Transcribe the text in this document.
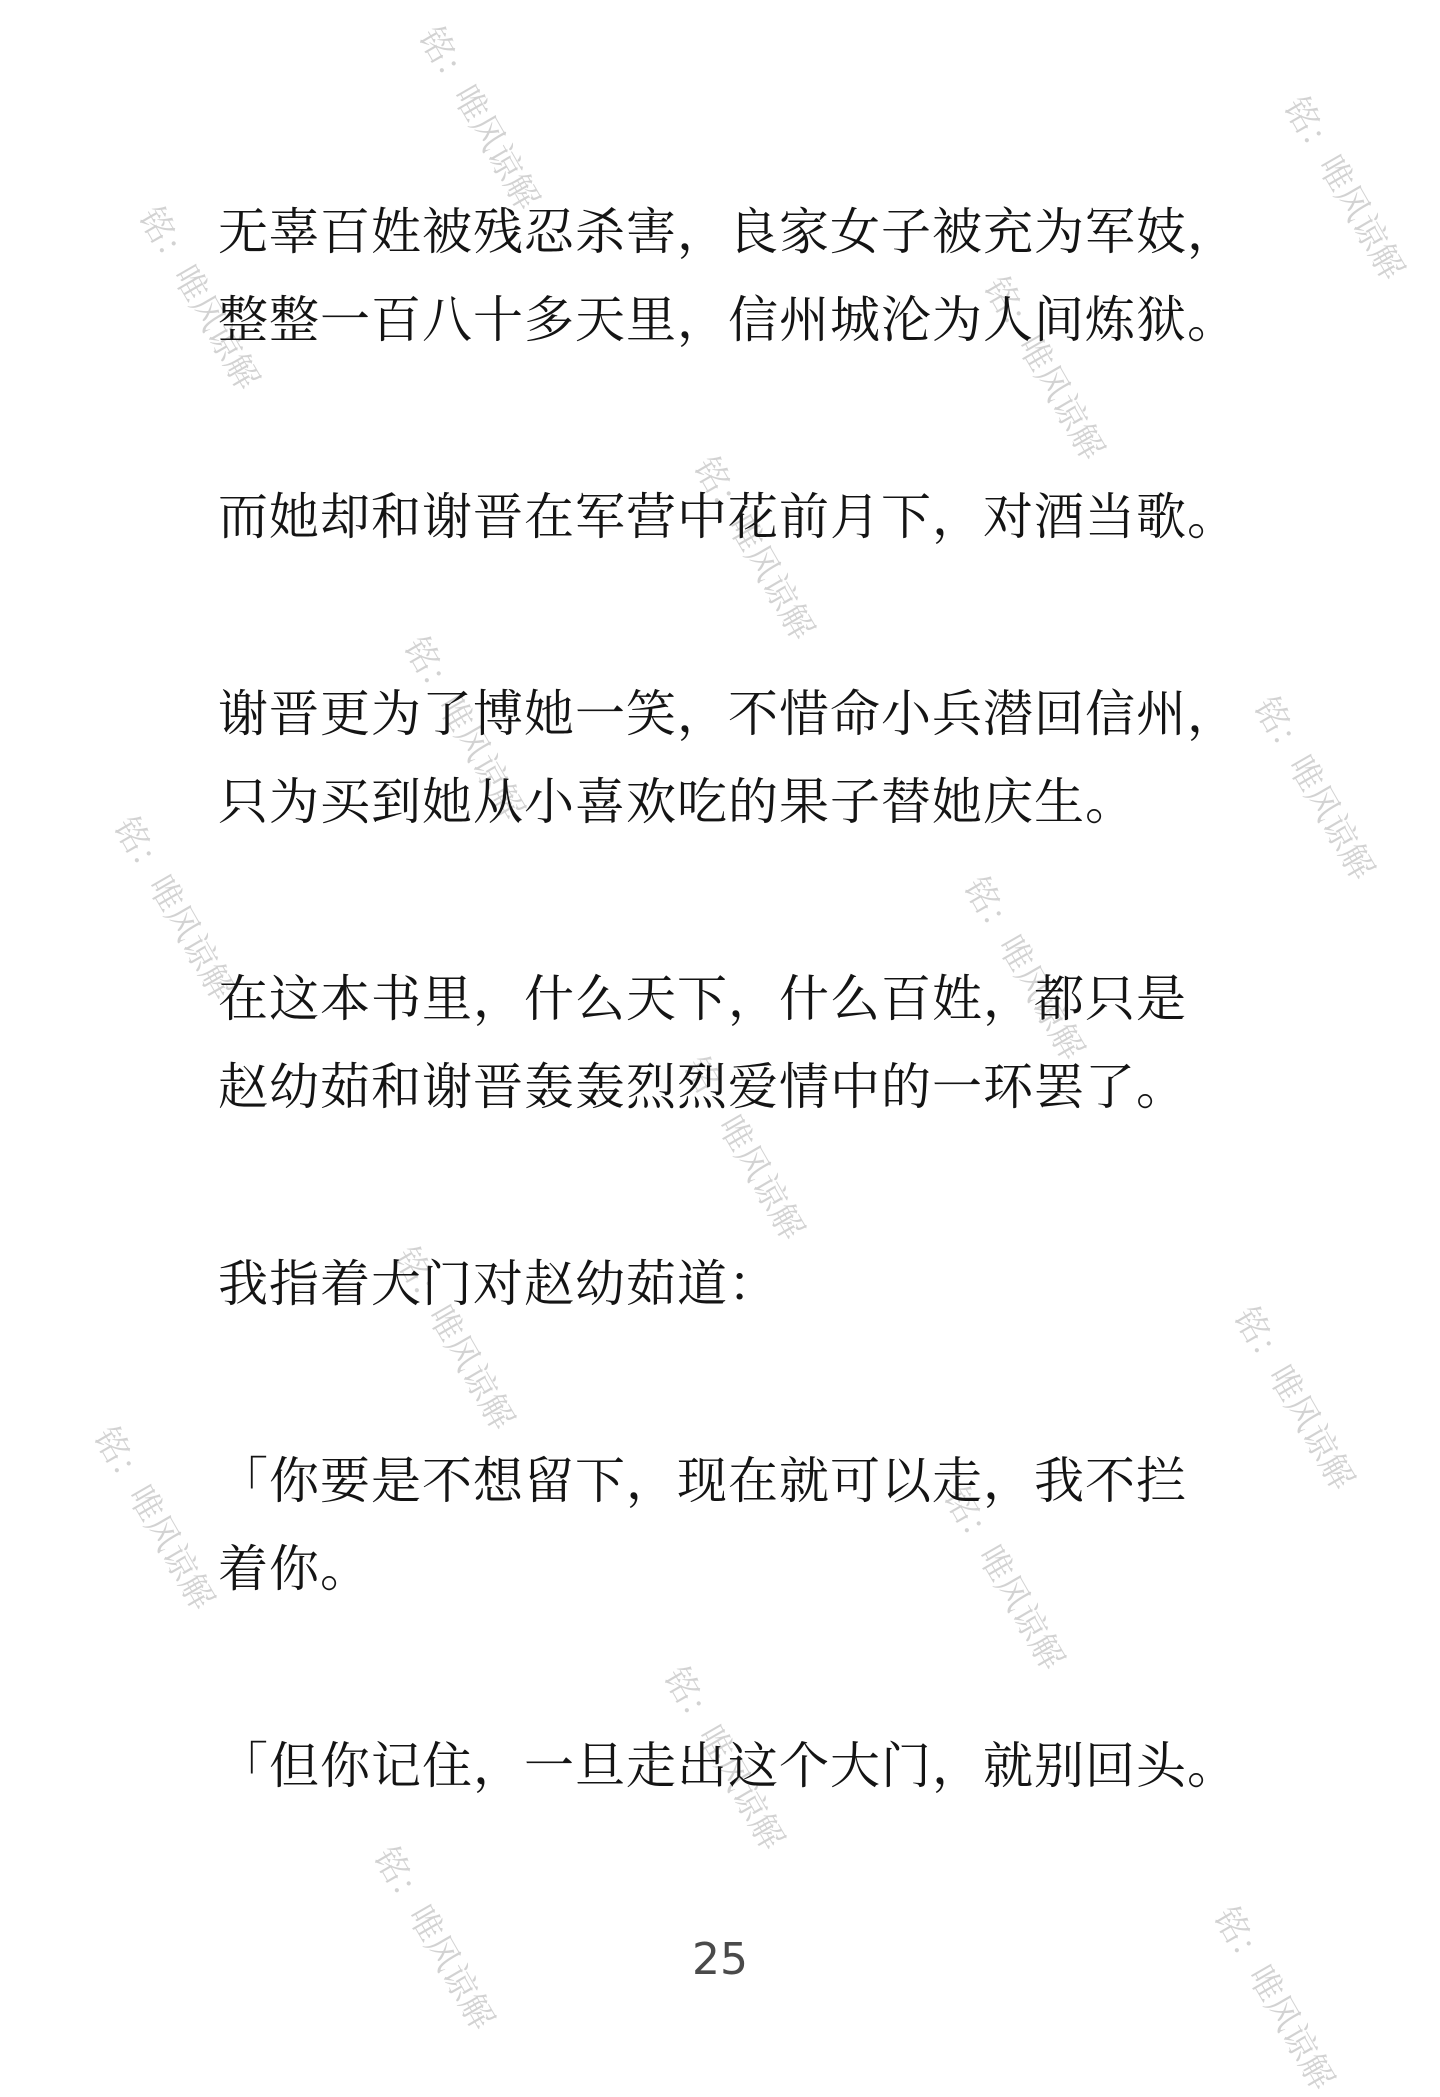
铭：唯风谅解	铭：唯风谅解
铭：唯风谅解	铭：唯风谅解
铭：唯风谅解
铭：唯风谅解	铭：唯风谅解
铭：唯风谅解	铭：唯风谅解
铭：唯风谅解
铭：唯风谅解	铭：唯风谅解
铭：唯风谅解	铭：唯风谅解
铭：唯风谅解
铭：唯风谅解	铭：唯风谅解

无辜百姓被残忍杀害，良家女子被充为军妓，
整整一百八十多天里，信州城沦为人间炼狱。

而她却和谢晋在军营中花前月下，对酒当歌。

谢晋更为了博她一笑，不惜命小兵潜回信州，
只为买到她从小喜欢吃的果子替她庆生。

在这本书里，什么天下，什么百姓，都只是
赵幼茹和谢晋轰轰烈烈爱情中的一环罢了。

我指着大门对赵幼茹道：

「你要是不想留下，现在就可以走，我不拦
着你。

「但你记住，一旦走出这个大门，就别回头。

25
